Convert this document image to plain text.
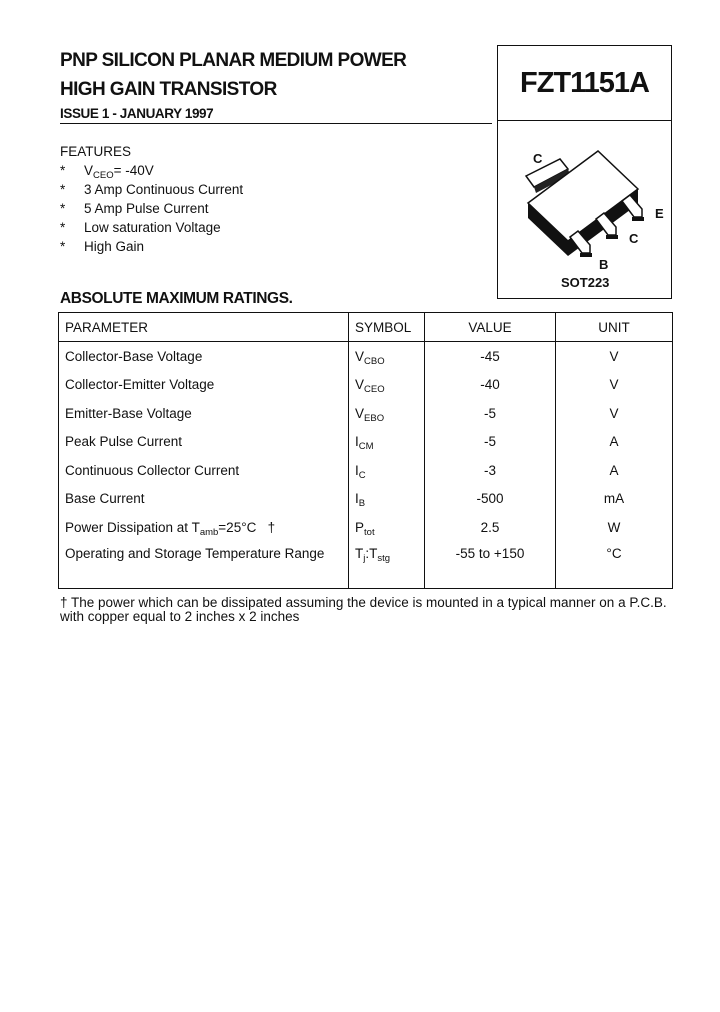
PNP SILICON PLANAR MEDIUM POWER
HIGH GAIN TRANSISTOR
ISSUE 1 - JANUARY 1997
FZT1151A
C
E
C
B
SOT223
FEATURES
* $V_{CEO}= -40V$
* 3 Amp Continuous Current
* 5 Amp Pulse Current
* Low saturation Voltage
* High Gain
ABSOLUTE MAXIMUM RATINGS.
PARAMETER	SYMBOL	VALUE	UNIT
Collector-Base Voltage	$V_{CBO}$	-45	V
Collector-Emitter Voltage	$V_{CEO}$	-40	V
Emitter-Base Voltage	$V_{EBO}$	-5	V
Peak Pulse Current	$I_{CM}$	-5	A
Continuous Collector Current	$I_C$	-3	A
Base Current	$I_B$	-500	mA
Power Dissipation at $T_{amb}=25^\circ C$   †	$P_{tot}$	2.5	W
Operating and Storage Temperature Range	$T_j:T_{stg}$	-55 to +150	°C
† The power which can be dissipated assuming the device is mounted in a typical manner on a P.C.B. with copper equal to 2 inches x 2 inches
